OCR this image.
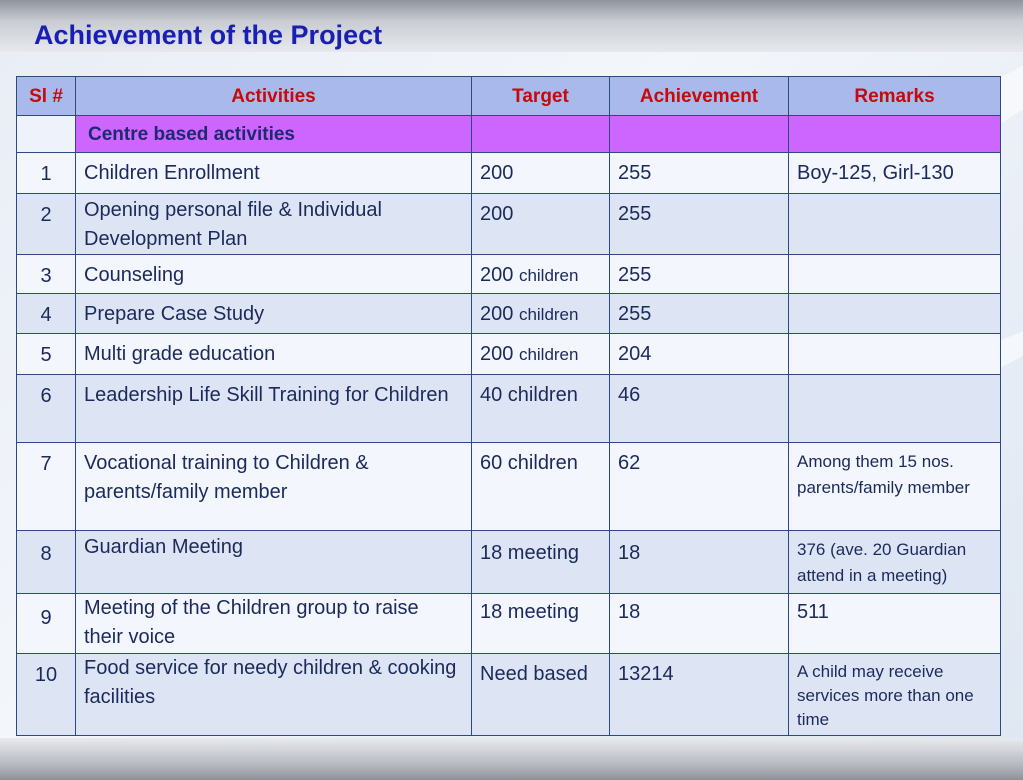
Achievement of the Project
Sl #	Activities	Target	Achievement	Remarks
	Centre based activities			
1	Children Enrollment	200	255	Boy-125, Girl-130
2	Opening personal file & Individual Development Plan	200	255	
3	Counseling	200 children	255	
4	Prepare Case Study	200 children	255	
5	Multi grade education	200 children	204	
6	Leadership Life Skill Training for Children	40 children	46	
7	Vocational training to Children & parents/family member	60 children	62	Among them 15 nos. parents/family member
8	Guardian Meeting	18 meeting	18	376 (ave. 20 Guardian attend in a meeting)
9	Meeting of the Children group to raise their voice	18 meeting	18	511
10	Food service for needy children & cooking facilities	Need based	13214	A child may receive services more than one time
